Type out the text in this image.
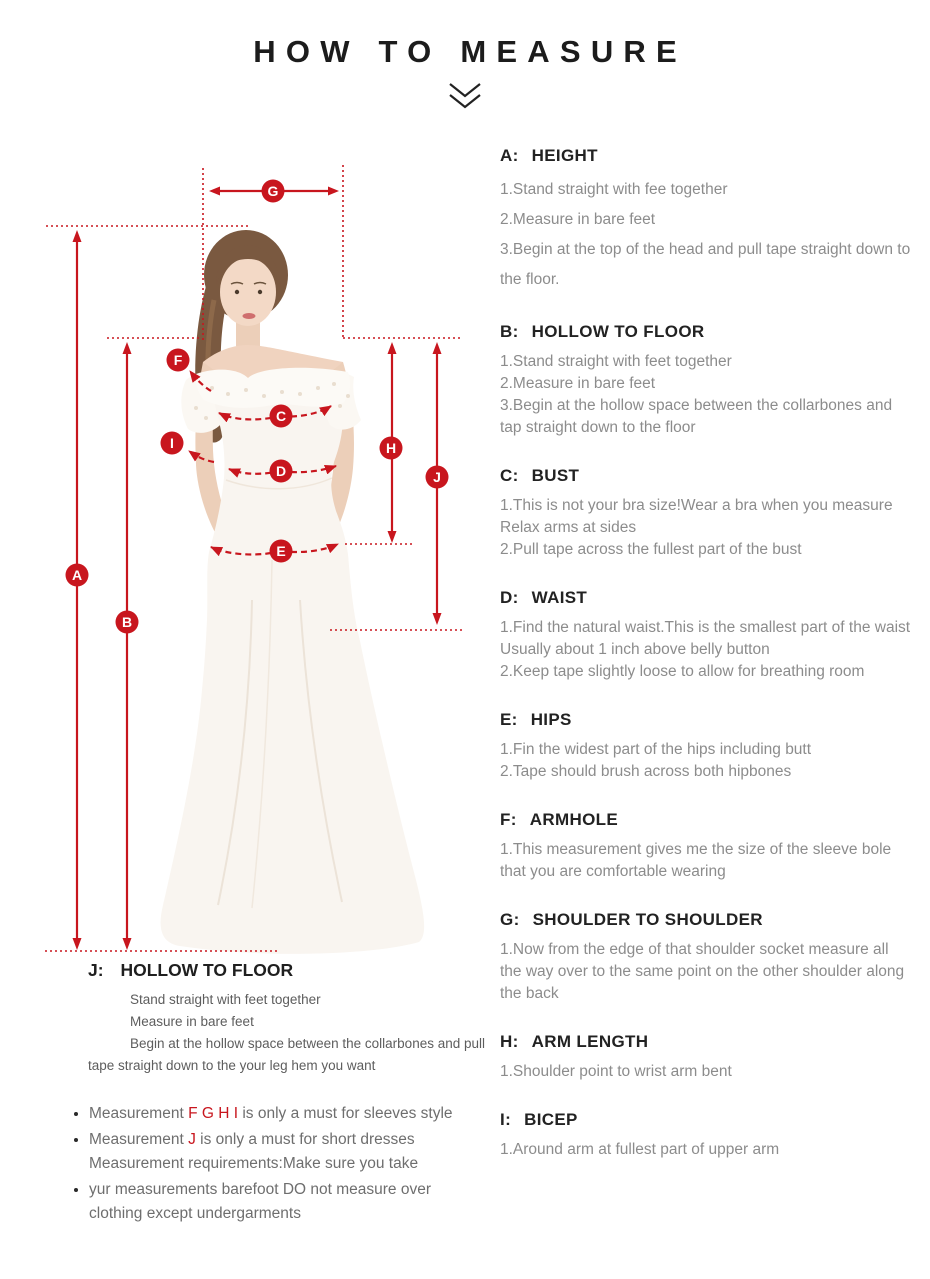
HOW TO MEASURE
A
B
C
D
E
F
G
H
I
J
A: HEIGHT

1.Stand straight with fee together

2.Measure in bare feet

3.Begin at the top of the head and pull tape straight down to the floor.

B: HOLLOW TO FLOOR

1.Stand straight with feet together

2.Measure in bare feet

3.Begin at the hollow space between the collarbones and tap straight down to the floor

C: BUST

1.This is not your bra size!Wear a bra when you measure Relax arms at sides

2.Pull tape across the fullest part of the bust

D: WAIST

1.Find the natural waist.This is the smallest part of the waist Usually about 1 inch above belly button

2.Keep tape slightly loose to allow for breathing room

E: HIPS

1.Fin the widest part of the hips including butt

2.Tape should brush across both hipbones

F: ARMHOLE

1.This measurement gives me the size of the sleeve bole that you are comfortable wearing

G: SHOULDER TO SHOULDER

1.Now from the edge of that shoulder socket measure all the way over to the same point on the other shoulder along the back

H: ARM LENGTH

1.Shoulder point to wrist arm bent

I: BICEP

1.Around arm at fullest part of upper arm

J: HOLLOW TO FLOOR

Stand straight with feet together

Measure in bare feet

Begin at the hollow space between the collarbones and pull tape straight down to the your leg hem you want

• Measurement F G H I is only a must for sleeves style
• Measurement J is only a must for short dresses Measurement requirements:Make sure you take
• yur measurements barefoot DO not measure over clothing except undergarments
